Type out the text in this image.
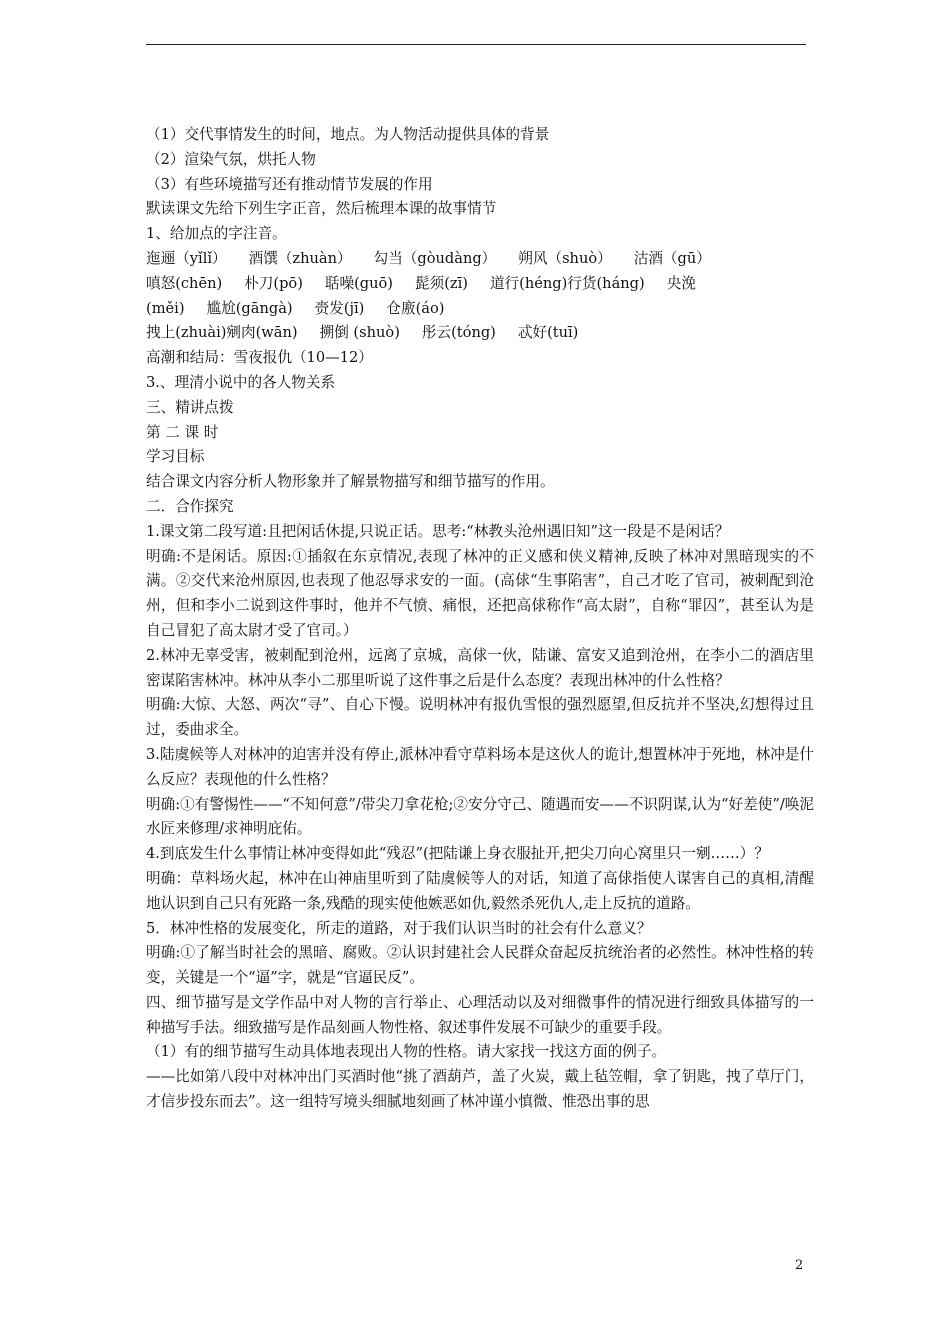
（1）交代事情发生的时间，地点。为人物活动提供具体的背景
（2）渲染气氛，烘托人物
（3）有些环境描写还有推动情节发展的作用
默读课文先给下列生字正音，然后梳理本课的故事情节
1、给加点的字注音。
迤逦（yǐlǐ） 酒馔（zhuàn） 勾当（gòudàng） 朔风（shuò） 沽酒（gū）
嗔怒(chēn) 朴刀(pō) 聒噪(guō) 髭须(zī) 道行(héng)行货(háng) 央浼
(měi) 尴尬(gāngà) 赍发(jī) 仓廒(áo)
拽上(zhuài)剜肉(wān) 搠倒 (shuò) 彤云(tóng) 忒好(tuī)
高潮和结局：雪夜报仇（10—12）
3.、理清小说中的各人物关系
三、精讲点拨
第 二 课 时
学习目标
结合课文内容分析人物形象并了解景物描写和细节描写的作用。
二．合作探究
1.课文第二段写道:且把闲话休提,只说正话。思考:“林教头沧州遇旧知”这一段是不是闲话？
明确:不是闲话。原因:①插叙在东京情况,表现了林冲的正义感和侠义精神,反映了林冲对黑暗现实的不满。②交代来沧州原因,也表现了他忍辱求安的一面。(高俅“生事陷害”，自己才吃了官司，被刺配到沧州，但和李小二说到这件事时，他并不气愤、痛恨，还把高俅称作“高太尉”，自称“罪囚”，甚至认为是自己冒犯了高太尉才受了官司。）
2.林冲无辜受害，被刺配到沧州，远离了京城，高俅一伙，陆谦、富安又追到沧州，在李小二的酒店里密谋陷害林冲。林冲从李小二那里听说了这件事之后是什么态度？表现出林冲的什么性格？
明确:大惊、大怒、两次“寻”、自心下慢。说明林冲有报仇雪恨的强烈愿望,但反抗并不坚决,幻想得过且过，委曲求全。
3.陆虞候等人对林冲的迫害并没有停止,派林冲看守草料场本是这伙人的诡计,想置林冲于死地，林冲是什么反应？表现他的什么性格？
明确:①有警惕性——“不知何意”/带尖刀拿花枪;②安分守己、随遇而安——不识阴谋,认为“好差使”/唤泥水匠来修理/求神明庇佑。
4.到底发生什么事情让林冲变得如此“残忍”(把陆谦上身衣服扯开,把尖刀向心窝里只一剜……）？
明确：草料场火起，林冲在山神庙里听到了陆虞候等人的对话，知道了高俅指使人谋害自己的真相,清醒地认识到自己只有死路一条,残酷的现实使他嫉恶如仇,毅然杀死仇人,走上反抗的道路。
5．林冲性格的发展变化，所走的道路，对于我们认识当时的社会有什么意义？
明确:①了解当时社会的黑暗、腐败。②认识封建社会人民群众奋起反抗统治者的必然性。林冲性格的转变，关键是一个“逼”字，就是“官逼民反”。
四、细节描写是文学作品中对人物的言行举止、心理活动以及对细微事件的情况进行细致具体描写的一种描写手法。细致描写是作品刻画人物性格、叙述事件发展不可缺少的重要手段。
（1）有的细节描写生动具体地表现出人物的性格。请大家找一找这方面的例子。
——比如第八段中对林冲出门买酒时他“挑了酒葫芦，盖了火炭，戴上毡笠帽，拿了钥匙，拽了草厅门，才信步投东而去”。这一组特写境头细腻地刻画了林冲谨小慎微、惟恐出事的思
2
